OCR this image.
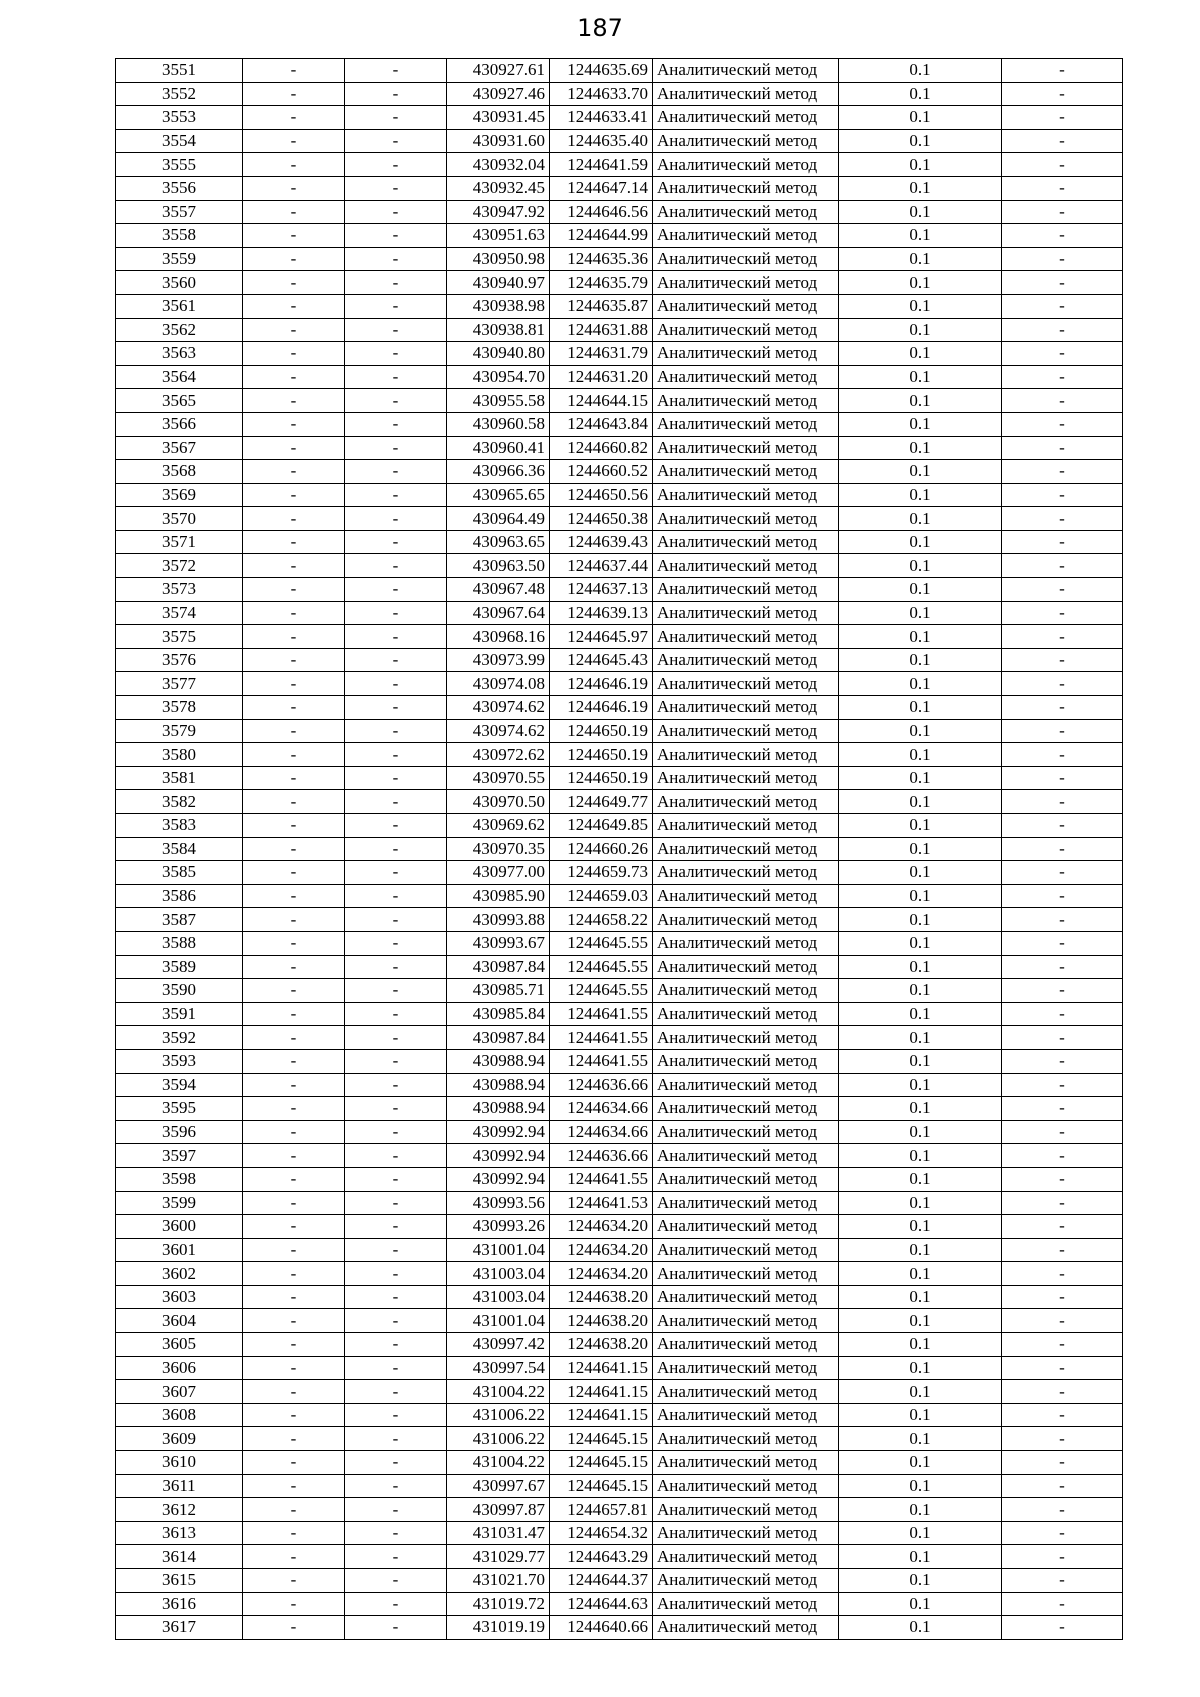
187
3551	-	-	430927.61	1244635.69	Аналитический метод	0.1	-
3552	-	-	430927.46	1244633.70	Аналитический метод	0.1	-
3553	-	-	430931.45	1244633.41	Аналитический метод	0.1	-
3554	-	-	430931.60	1244635.40	Аналитический метод	0.1	-
3555	-	-	430932.04	1244641.59	Аналитический метод	0.1	-
3556	-	-	430932.45	1244647.14	Аналитический метод	0.1	-
3557	-	-	430947.92	1244646.56	Аналитический метод	0.1	-
3558	-	-	430951.63	1244644.99	Аналитический метод	0.1	-
3559	-	-	430950.98	1244635.36	Аналитический метод	0.1	-
3560	-	-	430940.97	1244635.79	Аналитический метод	0.1	-
3561	-	-	430938.98	1244635.87	Аналитический метод	0.1	-
3562	-	-	430938.81	1244631.88	Аналитический метод	0.1	-
3563	-	-	430940.80	1244631.79	Аналитический метод	0.1	-
3564	-	-	430954.70	1244631.20	Аналитический метод	0.1	-
3565	-	-	430955.58	1244644.15	Аналитический метод	0.1	-
3566	-	-	430960.58	1244643.84	Аналитический метод	0.1	-
3567	-	-	430960.41	1244660.82	Аналитический метод	0.1	-
3568	-	-	430966.36	1244660.52	Аналитический метод	0.1	-
3569	-	-	430965.65	1244650.56	Аналитический метод	0.1	-
3570	-	-	430964.49	1244650.38	Аналитический метод	0.1	-
3571	-	-	430963.65	1244639.43	Аналитический метод	0.1	-
3572	-	-	430963.50	1244637.44	Аналитический метод	0.1	-
3573	-	-	430967.48	1244637.13	Аналитический метод	0.1	-
3574	-	-	430967.64	1244639.13	Аналитический метод	0.1	-
3575	-	-	430968.16	1244645.97	Аналитический метод	0.1	-
3576	-	-	430973.99	1244645.43	Аналитический метод	0.1	-
3577	-	-	430974.08	1244646.19	Аналитический метод	0.1	-
3578	-	-	430974.62	1244646.19	Аналитический метод	0.1	-
3579	-	-	430974.62	1244650.19	Аналитический метод	0.1	-
3580	-	-	430972.62	1244650.19	Аналитический метод	0.1	-
3581	-	-	430970.55	1244650.19	Аналитический метод	0.1	-
3582	-	-	430970.50	1244649.77	Аналитический метод	0.1	-
3583	-	-	430969.62	1244649.85	Аналитический метод	0.1	-
3584	-	-	430970.35	1244660.26	Аналитический метод	0.1	-
3585	-	-	430977.00	1244659.73	Аналитический метод	0.1	-
3586	-	-	430985.90	1244659.03	Аналитический метод	0.1	-
3587	-	-	430993.88	1244658.22	Аналитический метод	0.1	-
3588	-	-	430993.67	1244645.55	Аналитический метод	0.1	-
3589	-	-	430987.84	1244645.55	Аналитический метод	0.1	-
3590	-	-	430985.71	1244645.55	Аналитический метод	0.1	-
3591	-	-	430985.84	1244641.55	Аналитический метод	0.1	-
3592	-	-	430987.84	1244641.55	Аналитический метод	0.1	-
3593	-	-	430988.94	1244641.55	Аналитический метод	0.1	-
3594	-	-	430988.94	1244636.66	Аналитический метод	0.1	-
3595	-	-	430988.94	1244634.66	Аналитический метод	0.1	-
3596	-	-	430992.94	1244634.66	Аналитический метод	0.1	-
3597	-	-	430992.94	1244636.66	Аналитический метод	0.1	-
3598	-	-	430992.94	1244641.55	Аналитический метод	0.1	-
3599	-	-	430993.56	1244641.53	Аналитический метод	0.1	-
3600	-	-	430993.26	1244634.20	Аналитический метод	0.1	-
3601	-	-	431001.04	1244634.20	Аналитический метод	0.1	-
3602	-	-	431003.04	1244634.20	Аналитический метод	0.1	-
3603	-	-	431003.04	1244638.20	Аналитический метод	0.1	-
3604	-	-	431001.04	1244638.20	Аналитический метод	0.1	-
3605	-	-	430997.42	1244638.20	Аналитический метод	0.1	-
3606	-	-	430997.54	1244641.15	Аналитический метод	0.1	-
3607	-	-	431004.22	1244641.15	Аналитический метод	0.1	-
3608	-	-	431006.22	1244641.15	Аналитический метод	0.1	-
3609	-	-	431006.22	1244645.15	Аналитический метод	0.1	-
3610	-	-	431004.22	1244645.15	Аналитический метод	0.1	-
3611	-	-	430997.67	1244645.15	Аналитический метод	0.1	-
3612	-	-	430997.87	1244657.81	Аналитический метод	0.1	-
3613	-	-	431031.47	1244654.32	Аналитический метод	0.1	-
3614	-	-	431029.77	1244643.29	Аналитический метод	0.1	-
3615	-	-	431021.70	1244644.37	Аналитический метод	0.1	-
3616	-	-	431019.72	1244644.63	Аналитический метод	0.1	-
3617	-	-	431019.19	1244640.66	Аналитический метод	0.1	-
